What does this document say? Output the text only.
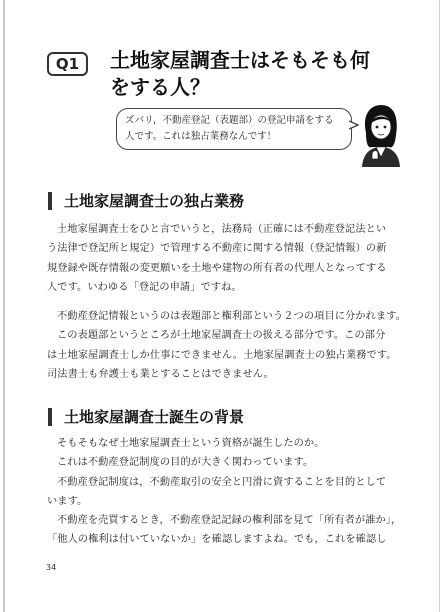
Q1	土地家屋調査士はそもそも何
をする人？
ズバリ，不動産登記（表題部）の登記申請をする
人です。これは独占業務なんです！
土地家屋調査士の独占業務

土地家屋調査士をひと言でいうと，法務局（正確には不動産登記法とい
う法律で登記所と規定）で管理する不動産に関する情報（登記情報）の新
規登録や既存情報の変更願いを土地や建物の所有者の代理人となってする
人です。いわゆる「登記の申請」ですね。

不動産登記情報というのは表題部と権利部という２つの項目に分かれます。
この表題部というところが土地家屋調査士の扱える部分です。この部分
は土地家屋調査士しか仕事にできません。土地家屋調査士の独占業務です。
司法書士も弁護士も業とすることはできません。

土地家屋調査士誕生の背景

そもそもなぜ土地家屋調査士という資格が誕生したのか。
これは不動産登記制度の目的が大きく関わっています。
不動産登記制度は，不動産取引の安全と円滑に資することを目的として
います。
不動産を売買するとき，不動産登記記録の権利部を見て「所有者が誰か」，
「他人の権利は付いていないか」を確認しますよね。でも，これを確認し

34
